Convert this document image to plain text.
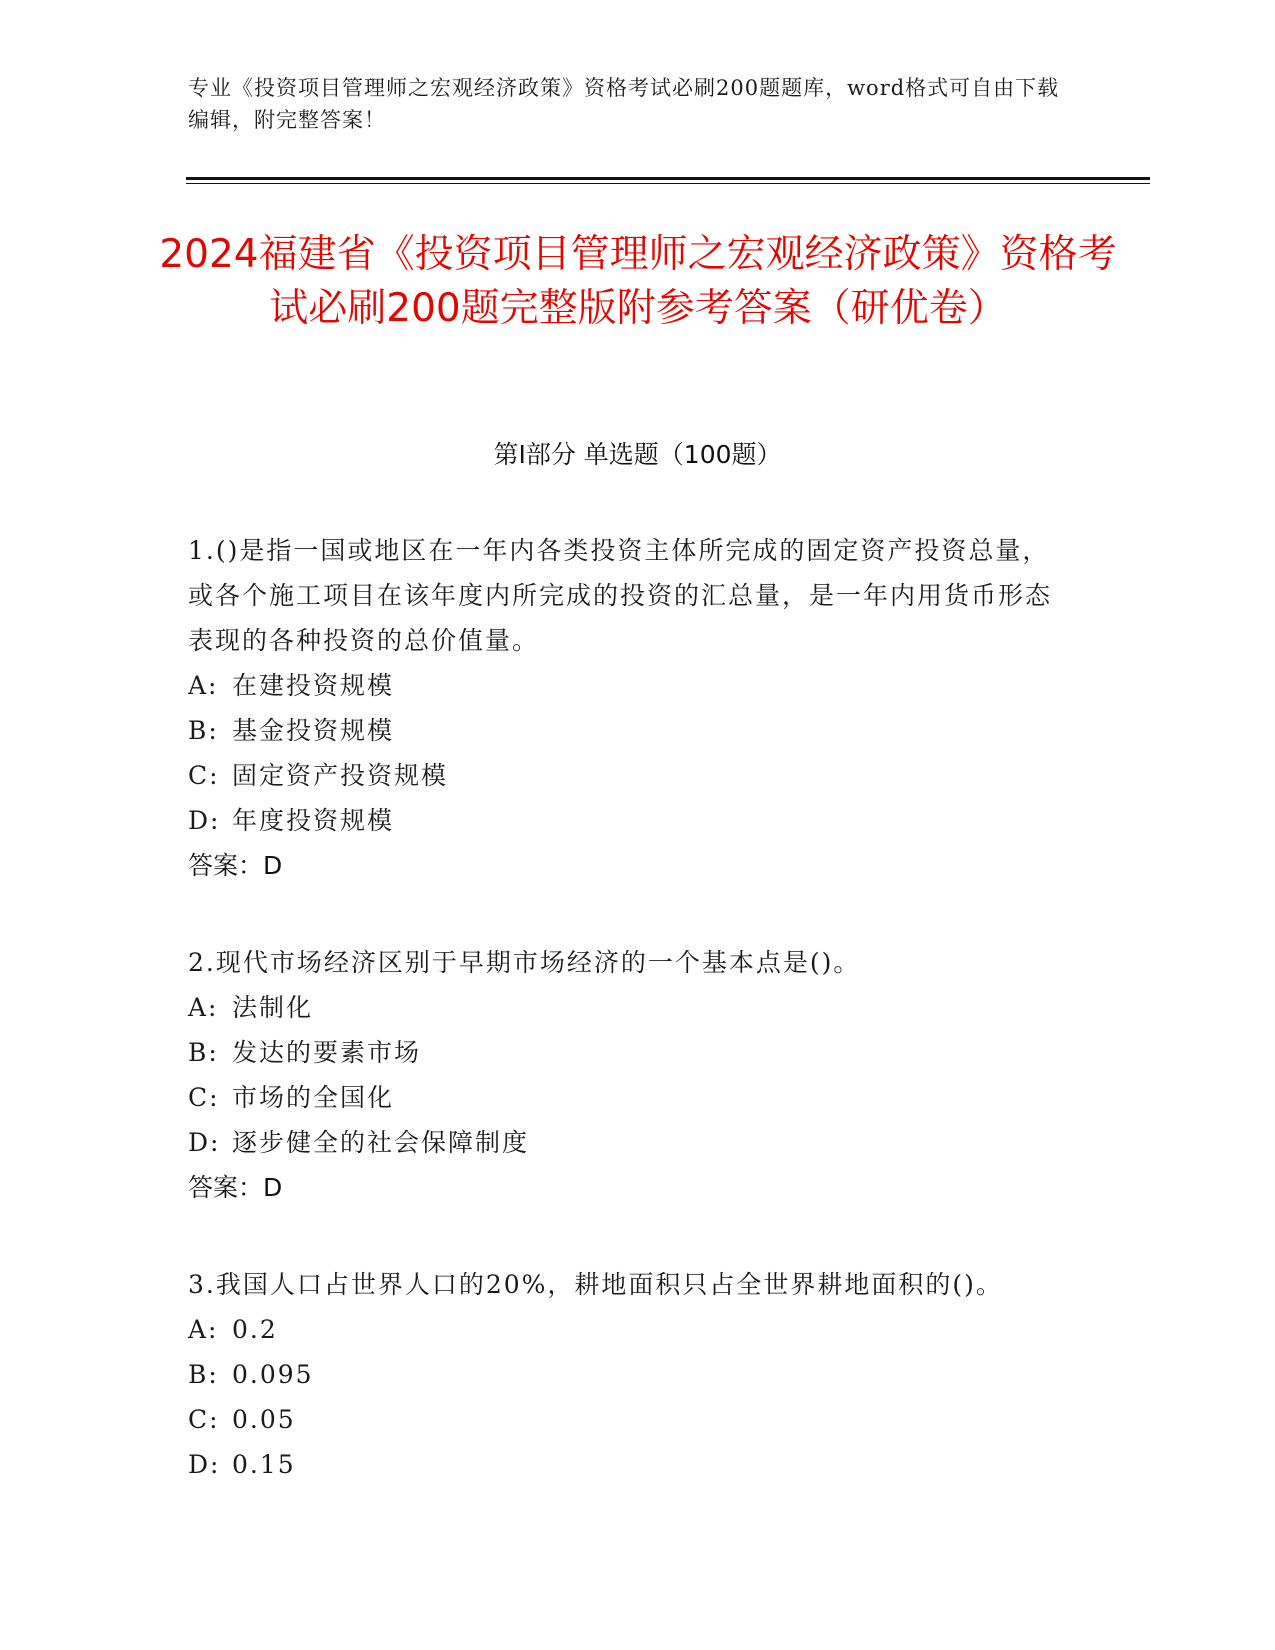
专业《投资项目管理师之宏观经济政策》资格考试必刷200题题库，word格式可自由下载编辑，附完整答案！
2024福建省《投资项目管理师之宏观经济政策》资格考试必刷200题完整版附参考答案（研优卷）
第Ⅰ部分 单选题（100题）

1.()是指一国或地区在一年内各类投资主体所完成的固定资产投资总量，或各个施工项目在该年度内所完成的投资的汇总量，是一年内用货币形态表现的各种投资的总价值量。

A: 在建投资规模

B: 基金投资规模

C: 固定资产投资规模

D: 年度投资规模

答案：D

2.现代市场经济区别于早期市场经济的一个基本点是()。

A: 法制化

B: 发达的要素市场

C: 市场的全国化

D: 逐步健全的社会保障制度

答案：D

3.我国人口占世界人口的20%，耕地面积只占全世界耕地面积的()。

A: 0.2

B: 0.095

C: 0.05

D: 0.15
